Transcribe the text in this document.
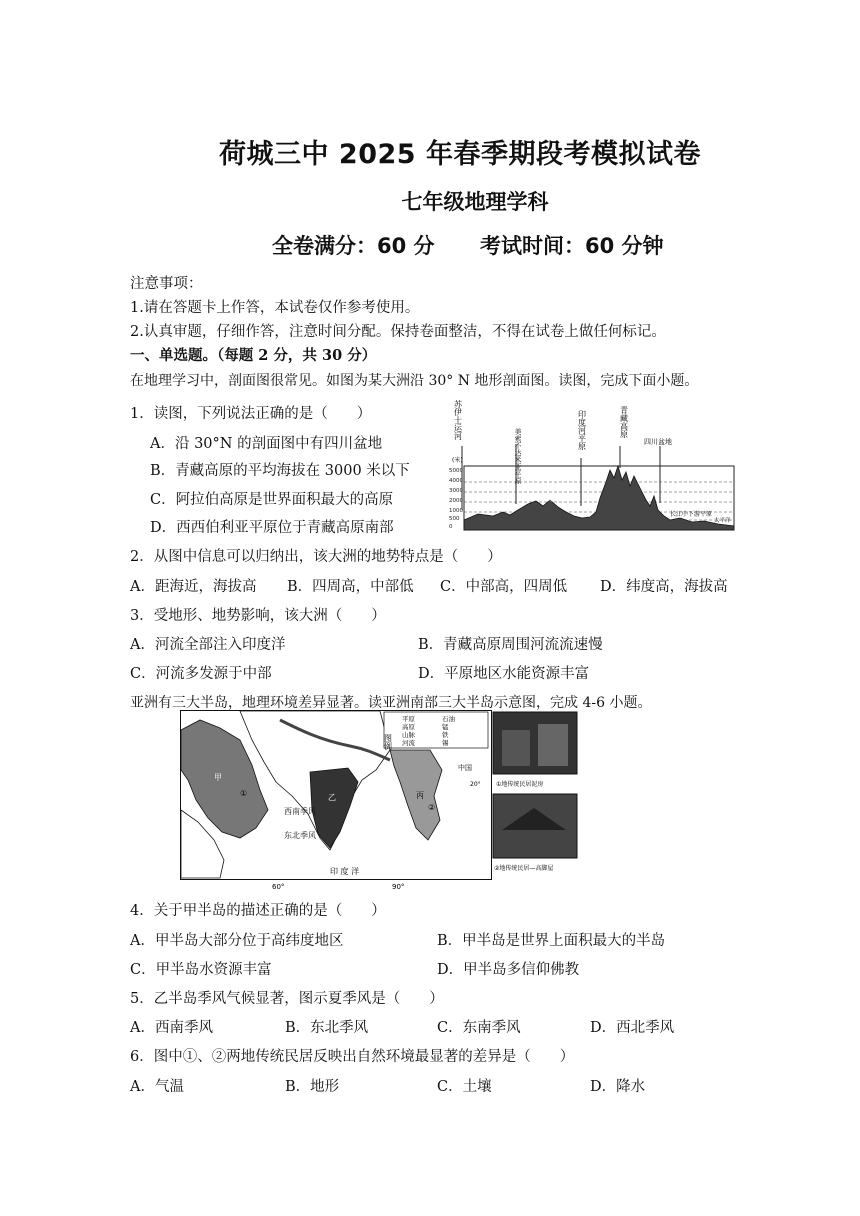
荷城三中 2025 年春季期段考模拟试卷
七年级地理学科
全卷满分：60 分 考试时间：60 分钟
注意事项：
1.请在答题卡上作答，本试卷仅作参考使用。
2.认真审题，仔细作答，注意时间分配。保持卷面整洁，不得在试卷上做任何标记。
一、单选题。（每题 2 分，共 30 分）
在地理学习中，剖面图很常见。如图为某大洲沿 30° N 地形剖面图。读图，完成下面小题。
1．读图，下列说法正确的是（　　）
A．沿 30°N 的剖面图中有四川盆地
B．青藏高原的平均海拔在 3000 米以下
C．阿拉伯高原是世界面积最大的高原
D．西西伯利亚平原位于青藏高原南部
苏伊士运河
美索不达米亚平原	印度河平原	青藏高原
四川盆地
(米)
5000
4000
3000
2000
1000
500
0
阿拉伯高原
伊朗高原
长江中下游平原
太平洋
2．从图中信息可以归纳出，该大洲的地势特点是（　　）
A．距海近，海拔高 B．四周高，中部低 C．中部高，四周低 D．纬度高，海拔高
3．受地形、地势影响，该大洲（　　）
A．河流全部注入印度洋	B．青藏高原周围河流流速慢
C．河流多发源于中部	D．平原地区水能资源丰富
亚洲有三大半岛，地理环境差异显著。读亚洲南部三大半岛示意图，完成 4-6 小题。
图例
平原
高原
山脉
河流
石油
锰
铁
锡
中国
西南季风
东北季风
印 度 洋
①
②
甲
乙	丙
20°
60°	90°
①地传统民居泥房
②地传统民居—高脚屋
4．关于甲半岛的描述正确的是（　　）
A．甲半岛大部分位于高纬度地区	B．甲半岛是世界上面积最大的半岛
C．甲半岛水资源丰富	D．甲半岛多信仰佛教
5．乙半岛季风气候显著，图示夏季风是（　　）
A．西南季风	B．东北季风	C．东南季风	D．西北季风
6．图中①、②两地传统民居反映出自然环境最显著的差异是（　　）
A．气温	B．地形	C．土壤	D．降水
